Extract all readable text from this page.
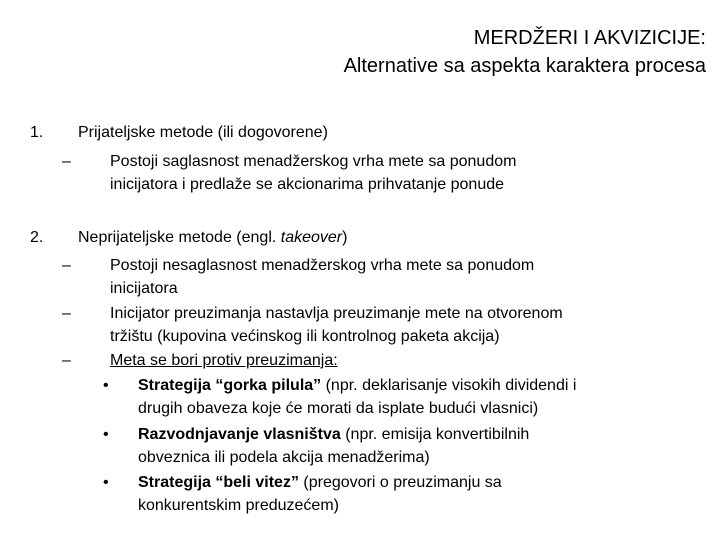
MERDŽERI I AKVIZICIJE:
Alternative sa aspekta karaktera procesa
1. Prijateljske metode (ili dogovorene)
– Postoji saglasnost menadžerskog vrha mete sa ponudom
inicijatora i predlaže se akcionarima prihvatanje ponude
2. Neprijateljske metode (engl. takeover)
– Postoji nesaglasnost menadžerskog vrha mete sa ponudom
inicijatora
– Inicijator preuzimanja nastavlja preuzimanje mete na otvorenom
tržištu (kupovina većinskog ili kontrolnog paketa akcija)
– Meta se bori protiv preuzimanja:
• Strategija “gorka pilula” (npr. deklarisanje visokih dividendi i
drugih obaveza koje će morati da isplate budući vlasnici)
• Razvodnjavanje vlasništva (npr. emisija konvertibilnih
obveznica ili podela akcija menadžerima)
• Strategija “beli vitez” (pregovori o preuzimanju sa
konkurentskim preduzećem)
